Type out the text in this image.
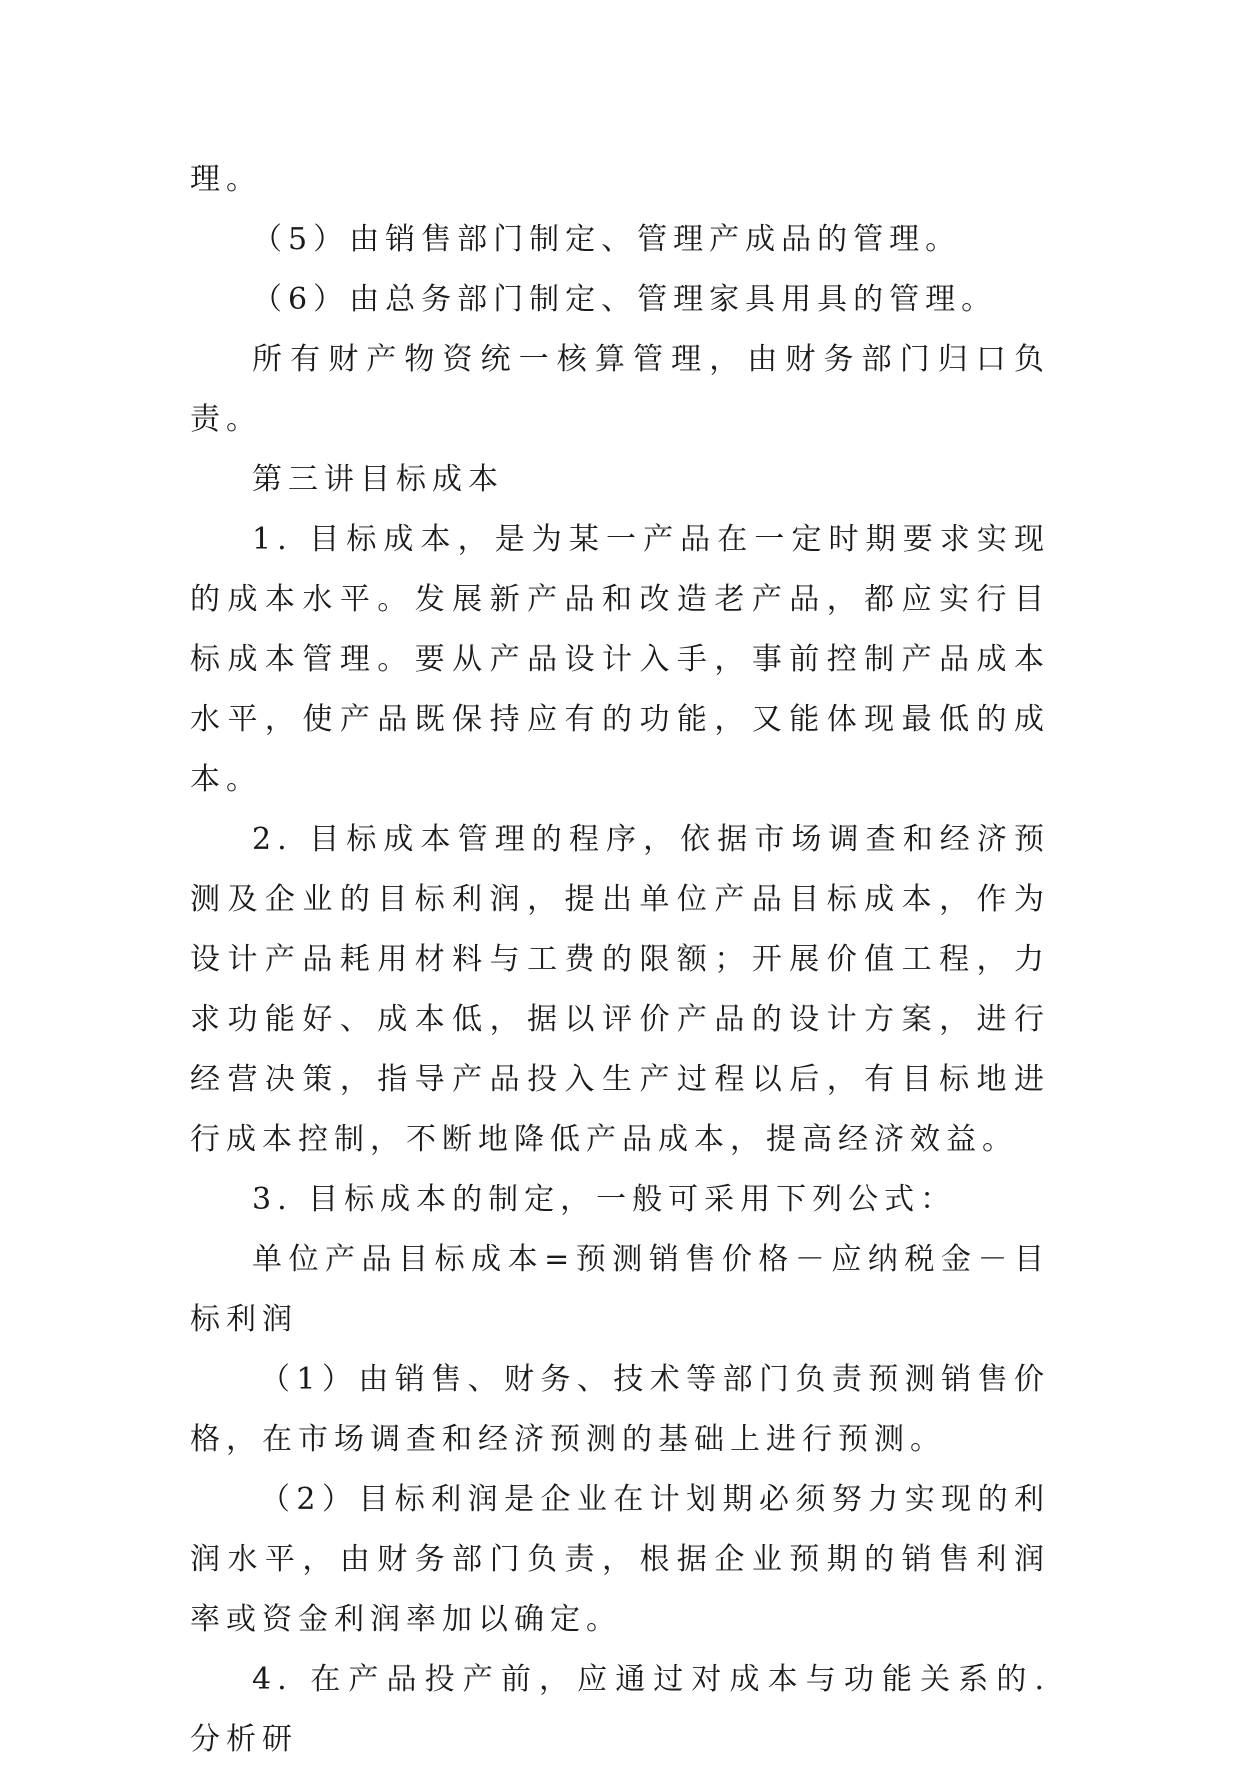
理。

（5）由销售部门制定、管理产成品的管理。

（6）由总务部门制定、管理家具用具的管理。

所有财产物资统一核算管理，由财务部门归口负责。

第三讲目标成本

1. 目标成本，是为某一产品在一定时期要求实现的成本水平。发展新产品和改造老产品，都应实行目标成本管理。要从产品设计入手，事前控制产品成本水平，使产品既保持应有的功能，又能体现最低的成本。

2. 目标成本管理的程序，依据市场调查和经济预测及企业的目标利润，提出单位产品目标成本，作为设计产品耗用材料与工费的限额；开展价值工程，力求功能好、成本低，据以评价产品的设计方案，进行经营决策，指导产品投入生产过程以后，有目标地进行成本控制，不断地降低产品成本，提高经济效益。

3. 目标成本的制定，一般可采用下列公式：

单位产品目标成本=预测销售价格－应纳税金－目标利润

（1）由销售、财务、技术等部门负责预测销售价格，在市场调查和经济预测的基础上进行预测。

（2）目标利润是企业在计划期必须努力实现的利润水平，由财务部门负责，根据企业预期的销售利润率或资金利润率加以确定。

4. 在产品投产前，应通过对成本与功能关系的. 分析研
